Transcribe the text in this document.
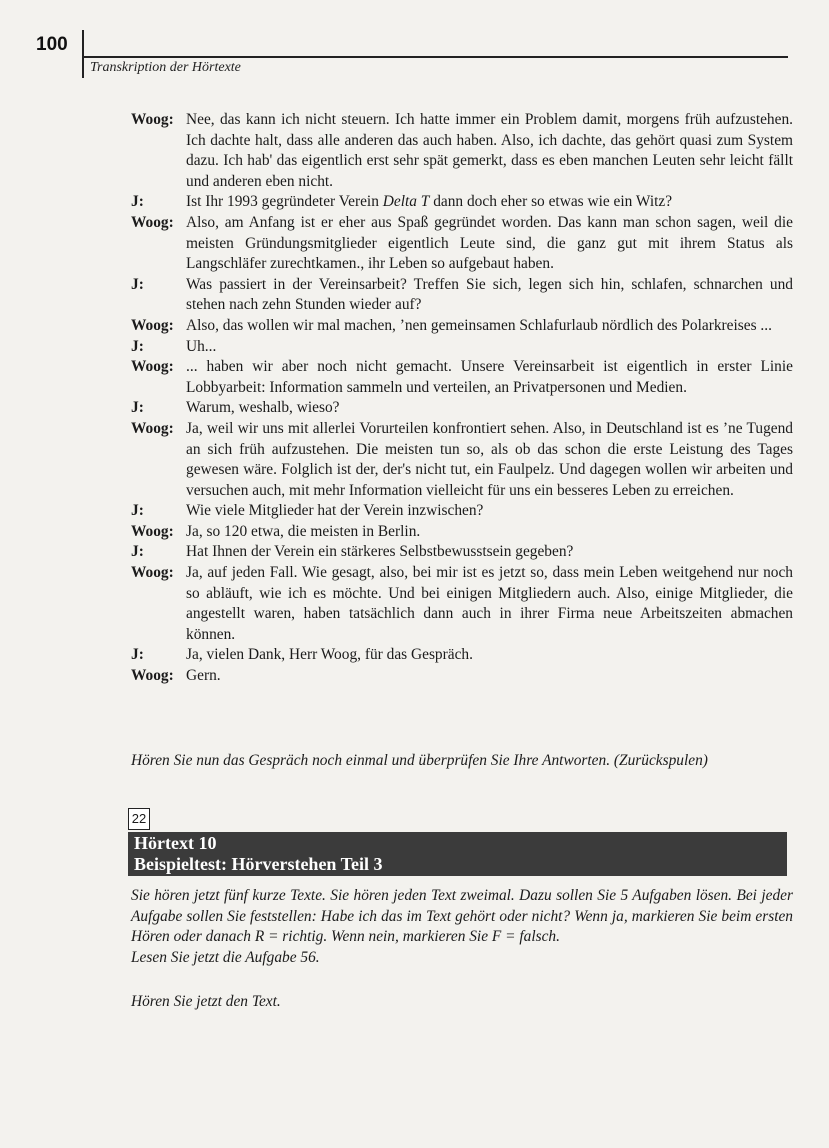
100
Transkription der Hörtexte
Woog: Nee, das kann ich nicht steuern. Ich hatte immer ein Problem damit, morgens früh aufzustehen. Ich dachte halt, dass alle anderen das auch haben. Also, ich dachte, das gehört quasi zum System dazu. Ich hab' das eigentlich erst sehr spät gemerkt, dass es eben manchen Leuten sehr leicht fällt und anderen eben nicht.
J:	Ist Ihr 1993 gegründeter Verein Delta T dann doch eher so etwas wie ein Witz?
Woog: Also, am Anfang ist er eher aus Spaß gegründet worden. Das kann man schon sagen, weil die meisten Gründungsmitglieder eigentlich Leute sind, die ganz gut mit ihrem Status als Langschläfer zurechtkamen., ihr Leben so aufgebaut haben.
J:	Was passiert in der Vereinsarbeit? Treffen Sie sich, legen sich hin, schlafen, schnarchen und stehen nach zehn Stunden wieder auf?
Woog: Also, das wollen wir mal machen, ’nen gemeinsamen Schlafurlaub nördlich des Polarkreises ...
J:	Uh...
Woog: ... haben wir aber noch nicht gemacht. Unsere Vereinsarbeit ist eigentlich in erster Linie Lobbyarbeit: Information sammeln und verteilen, an Privatpersonen und Medien.
J:	Warum, weshalb, wieso?
Woog: Ja, weil wir uns mit allerlei Vorurteilen konfrontiert sehen. Also, in Deutschland ist es ’ne Tugend an sich früh aufzustehen. Die meisten tun so, als ob das schon die erste Leistung des Tages gewesen wäre. Folglich ist der, der's nicht tut, ein Faulpelz. Und dagegen wollen wir arbeiten und versuchen auch, mit mehr Information vielleicht für uns ein besseres Leben zu erreichen.
J:	Wie viele Mitglieder hat der Verein inzwischen?
Woog: Ja, so 120 etwa, die meisten in Berlin.
J:	Hat Ihnen der Verein ein stärkeres Selbstbewusstsein gegeben?
Woog: Ja, auf jeden Fall. Wie gesagt, also, bei mir ist es jetzt so, dass mein Leben weitgehend nur noch so abläuft, wie ich es möchte. Und bei einigen Mitgliedern auch. Also, einige Mitglieder, die angestellt waren, haben tatsächlich dann auch in ihrer Firma neue Arbeitszeiten abmachen können.
J:	Ja, vielen Dank, Herr Woog, für das Gespräch.
Woog: Gern.
Hören Sie nun das Gespräch noch einmal und überprüfen Sie Ihre Antworten. (Zurückspulen)
22
Hörtext 10
Beispieltest: Hörverstehen Teil 3
Sie hören jetzt fünf kurze Texte. Sie hören jeden Text zweimal. Dazu sollen Sie 5 Aufgaben lösen. Bei jeder Aufgabe sollen Sie feststellen: Habe ich das im Text gehört oder nicht? Wenn ja, markieren Sie beim ersten Hören oder danach R = richtig. Wenn nein, markieren Sie F = falsch.
Lesen Sie jetzt die Aufgabe 56.
Hören Sie jetzt den Text.
